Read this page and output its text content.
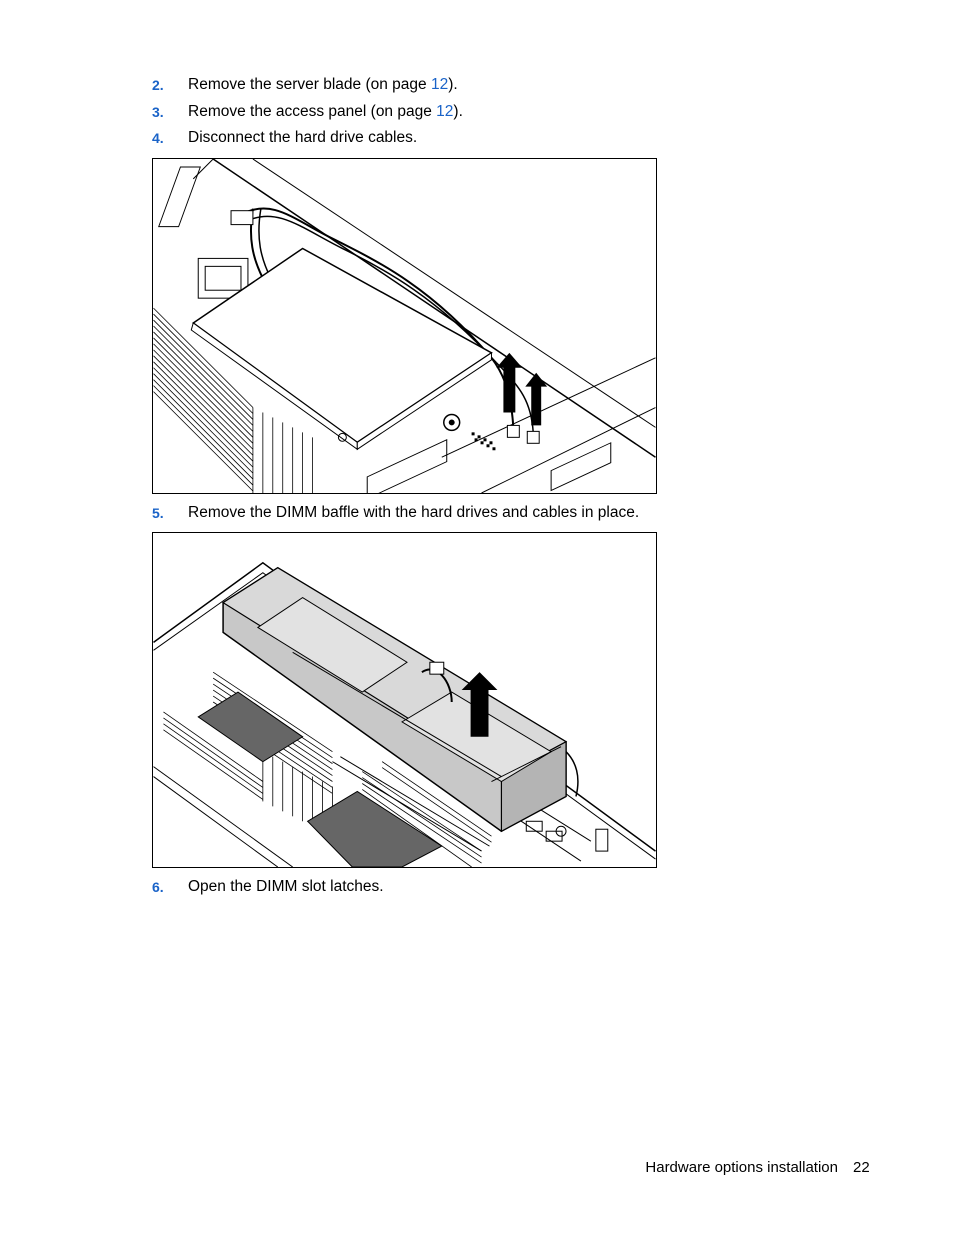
2. Remove the server blade (on page 12).
3. Remove the access panel (on page 12).
4. Disconnect the hard drive cables.
5. Remove the DIMM baffle with the hard drives and cables in place.
6. Open the DIMM slot latches.
Hardware options installation 22
